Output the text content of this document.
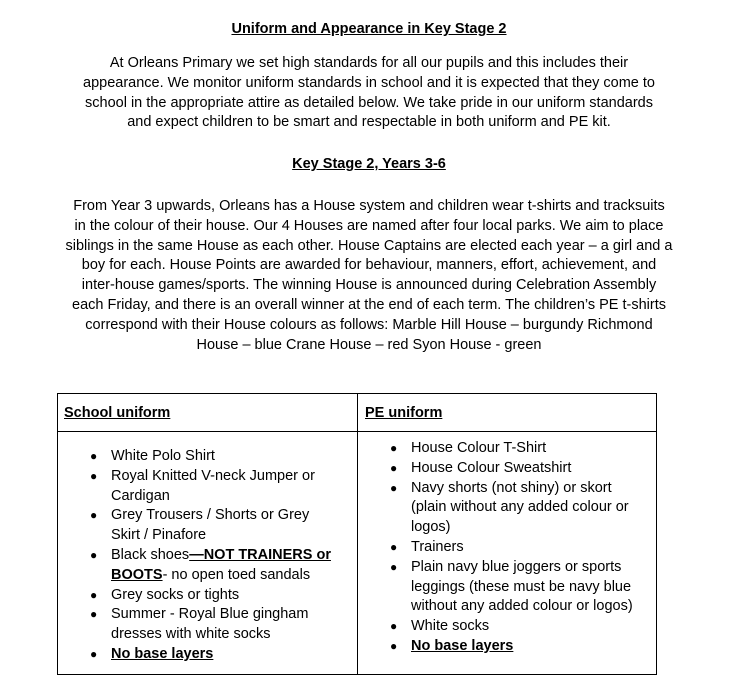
Uniform and Appearance in Key Stage 2
At Orleans Primary we set high standards for all our pupils and this includes their
appearance. We monitor uniform standards in school and it is expected that they come to
school in the appropriate attire as detailed below. We take pride in our uniform standards
and expect children to be smart and respectable in both uniform and PE kit.
Key Stage 2, Years 3-6
From Year 3 upwards, Orleans has a House system and children wear t-shirts and tracksuits
in the colour of their house. Our 4 Houses are named after four local parks. We aim to place
siblings in the same House as each other. House Captains are elected each year – a girl and a
boy for each. House Points are awarded for behaviour, manners, effort, achievement, and
inter-house games/sports. The winning House is announced during Celebration Assembly
each Friday, and there is an overall winner at the end of each term. The children’s PE t-shirts
correspond with their House colours as follows: Marble Hill House – burgundy Richmond
House – blue Crane House – red Syon House - green
School uniform	PE uniform
● White Polo Shirt
● Royal Knitted V-neck Jumper or
Cardigan
● Grey Trousers / Shorts or Grey
Skirt / Pinafore
● Black shoes—NOT TRAINERS or
BOOTS- no open toed sandals
● Grey socks or tights
● Summer - Royal Blue gingham
dresses with white socks
● No base layers
● House Colour T-Shirt
● House Colour Sweatshirt
● Navy shorts (not shiny) or skort
(plain without any added colour or
logos)
● Trainers
● Plain navy blue joggers or sports
leggings (these must be navy blue
without any added colour or logos)
● White socks
● No base layers
